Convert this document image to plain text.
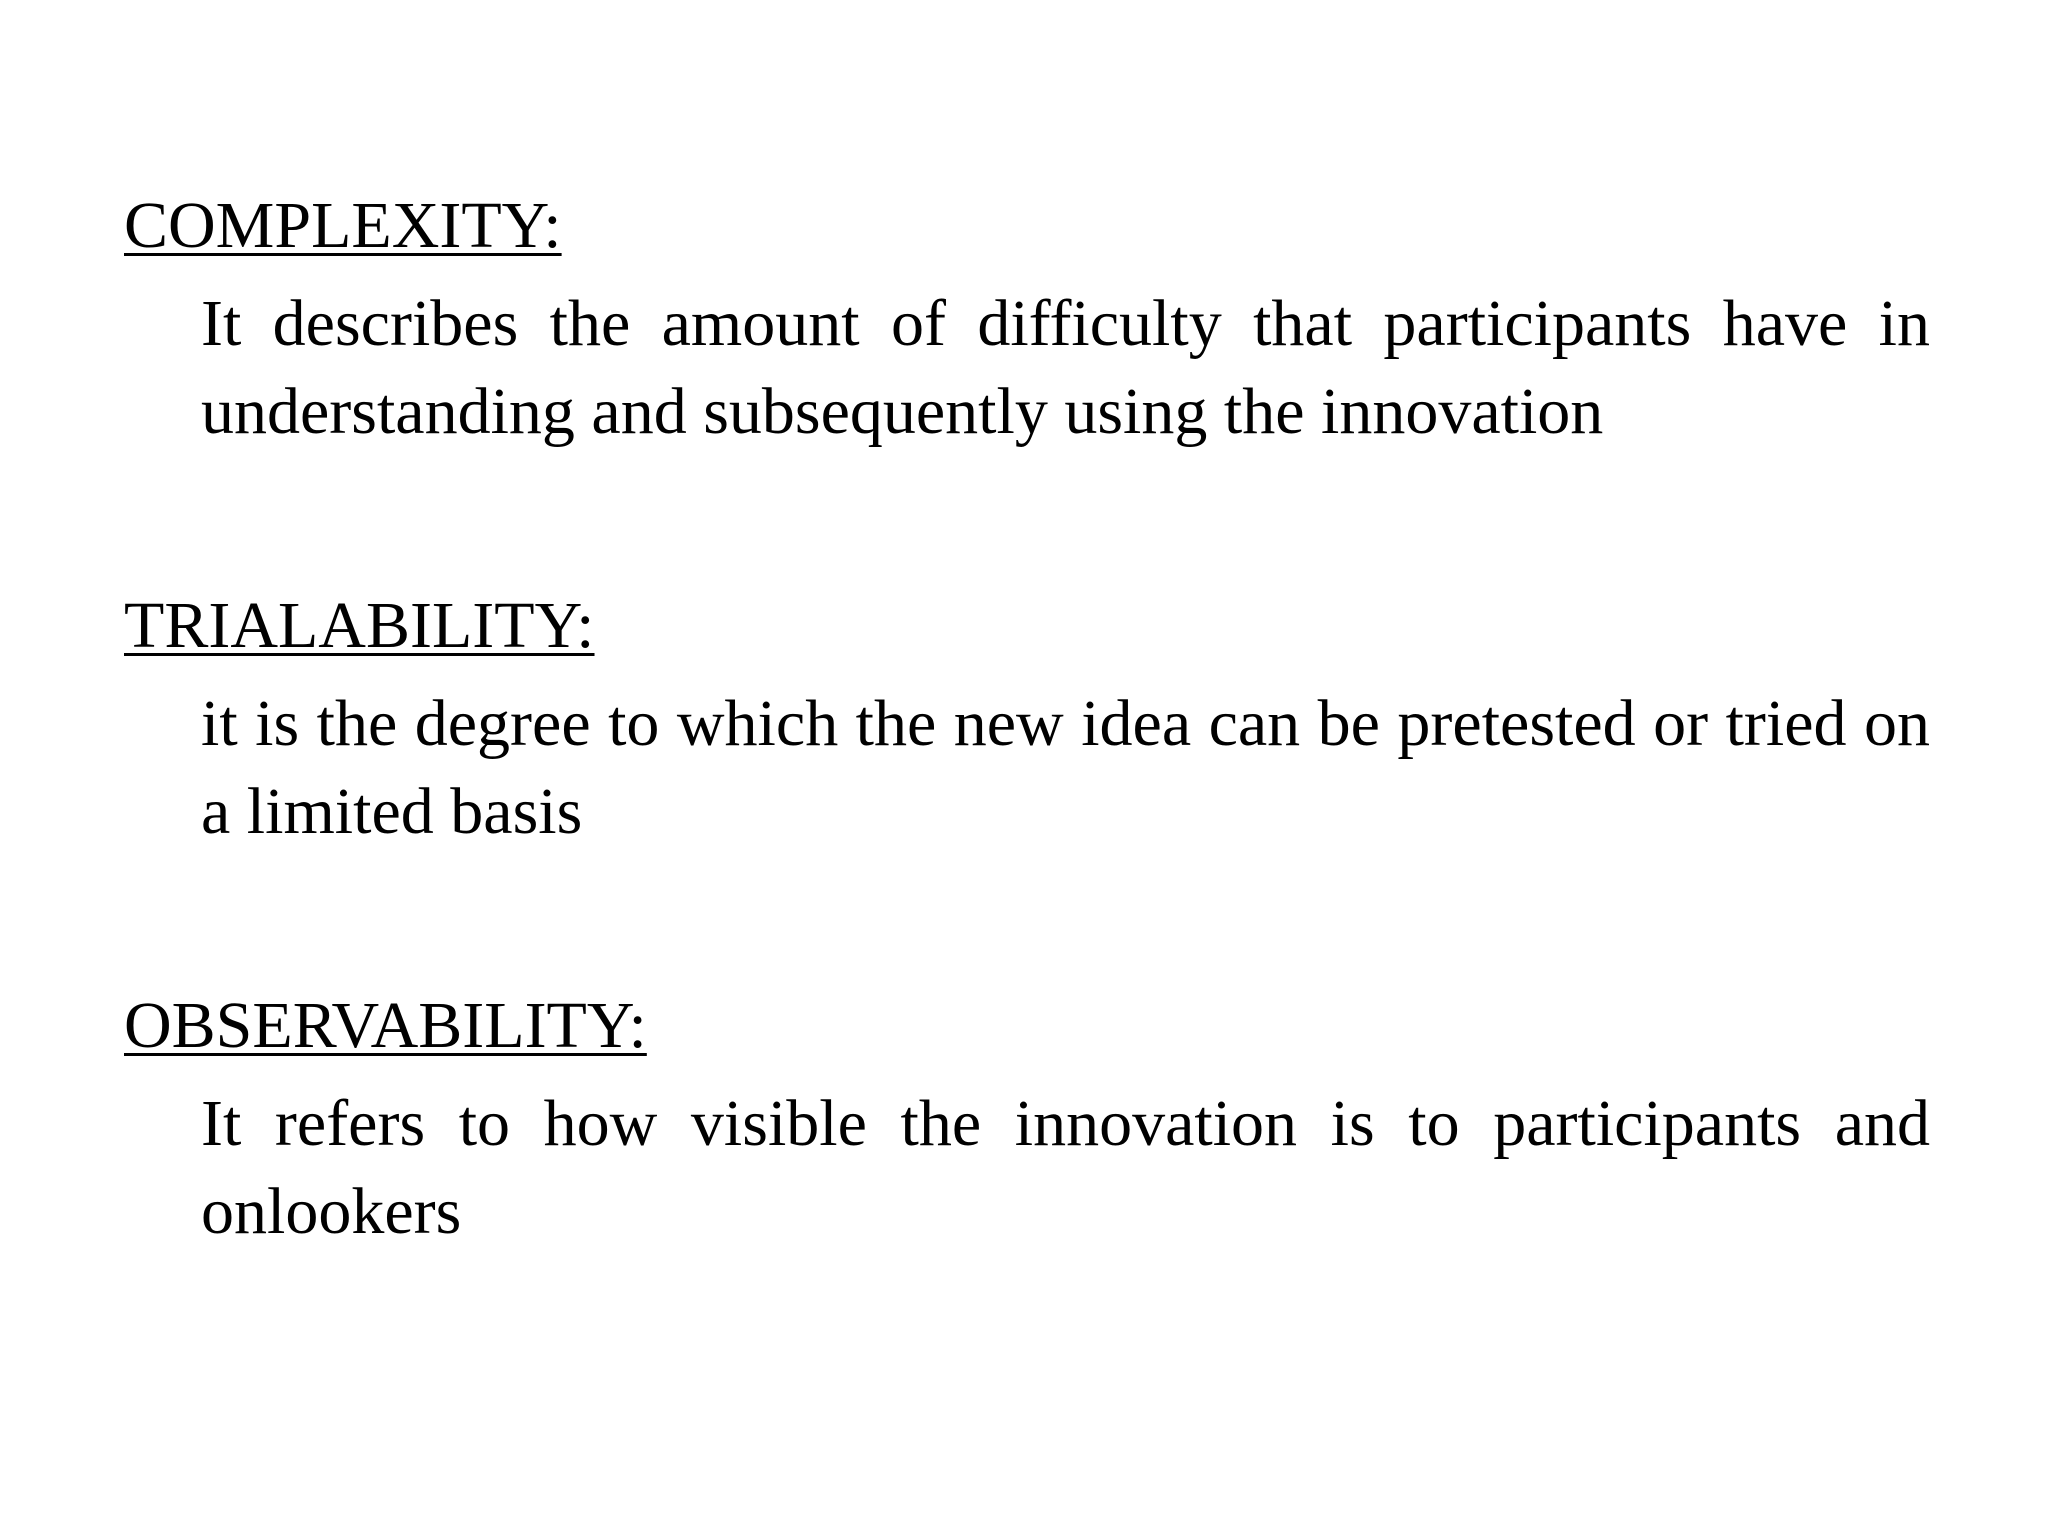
COMPLEXITY:

It describes the amount of difficulty that participants have in understanding and subsequently using the innovation

TRIALABILITY:

it is the degree to which the new idea can be pretested or tried on a limited basis

OBSERVABILITY:

It refers to how visible the innovation is to participants and onlookers
